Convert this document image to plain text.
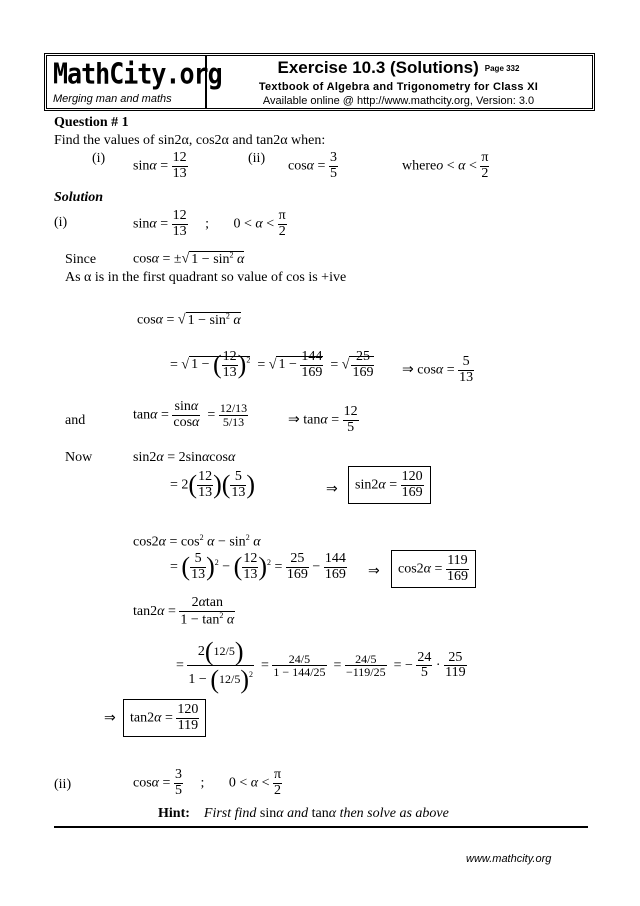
MathCity.org
Merging man and maths
Exercise 10.3 (Solutions) Page 332
Textbook of Algebra and Trigonometry for Class XI
Available online @ http://www.mathcity.org, Version: 3.0
Question # 1
Find the values of sin2α, cos2α and tan2α when:
(i) $\sin\alpha = \frac{12}{13}$	(ii) $\cos\alpha = \frac{3}{5}$	whereo < $\alpha < \frac{\pi}{2}$
Solution
(i)	$\sin\alpha = \frac{12}{13}$ ;       $0 < \alpha < \frac{\pi}{2}$
Since	cosα = ±√ $1 - \sin^2 \alpha$
As α is in the first quadrant so value of cos is +ive
cosα = √ $1 - \sin^2 \alpha$
= √ 1 − ( $\frac{12}{13} )^2$  = √ $1 - \frac{144}{169}$ = √ $\frac{25}{169}$ ⇒ $\cos\alpha = \frac{5}{13}$
and	$\tan\alpha = \frac{\sin\alpha}{\cos\alpha} = \frac{12/13}{5/13}$	⇒ $\tan\alpha = \frac{12}{5}$
Now	sin2α = 2sinαcosα
= $2( \frac{12}{13}$ )( $\frac{5}{13}$ )	⇒	$\sin 2\alpha = \frac{120}{169}$
$\cos 2\alpha = \cos^2 \alpha - \sin^2 \alpha$
= ( $\frac{5}{13} )^2$ − ( $\frac{12}{13} )^2 = \frac{25}{169} - \frac{144}{169}$ ⇒	$\cos 2\alpha = \frac{119}{169}$
$\tan 2\alpha = \frac{2\alpha\tan}{1 - \tan^2 \alpha}$
= $\frac{2(12/5)}{1 - (12/5)^2} = \frac{24/5}{1 - 144/25} = \frac{24/5}{-119/25}$ = − $\frac{24}{5} \cdot \frac{25}{119}$
⇒	$\tan 2\alpha = \frac{120}{119}$
(ii)	$\cos\alpha = \frac{3}{5}$ ;       $0 < \alpha < \frac{\pi}{2}$
Hint: First find sinα and tanα then solve as above
www.mathcity.org
